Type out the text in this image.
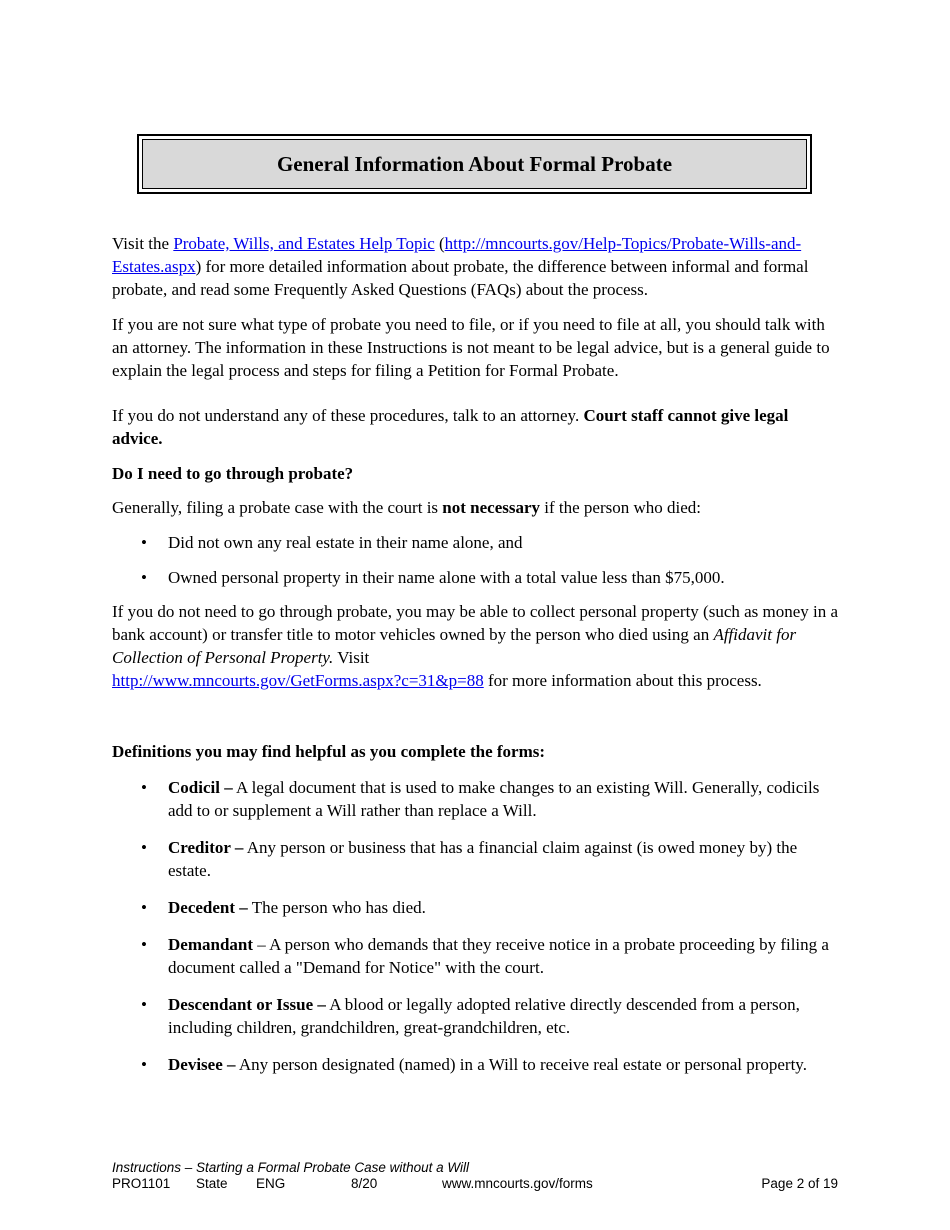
General Information About Formal Probate

Visit the Probate, Wills, and Estates Help Topic (http://mncourts.gov/Help-Topics/Probate-Wills-and-Estates.aspx) for more detailed information about probate, the difference between informal and formal probate, and read some Frequently Asked Questions (FAQs) about the process.

If you are not sure what type of probate you need to file, or if you need to file at all, you should talk with an attorney. The information in these Instructions is not meant to be legal advice, but is a general guide to explain the legal process and steps for filing a Petition for Formal Probate.

If you do not understand any of these procedures, talk to an attorney. Court staff cannot give legal advice.

Do I need to go through probate?

Generally, filing a probate case with the court is not necessary if the person who died:

• Did not own any real estate in their name alone, and
• Owned personal property in their name alone with a total value less than $75,000.

If you do not need to go through probate, you may be able to collect personal property (such as money in a bank account) or transfer title to motor vehicles owned by the person who died using an Affidavit for Collection of Personal Property. Visit
http://www.mncourts.gov/GetForms.aspx?c=31&p=88 for more information about this process.

Definitions you may find helpful as you complete the forms:

• Codicil – A legal document that is used to make changes to an existing Will. Generally, codicils add to or supplement a Will rather than replace a Will.
• Creditor – Any person or business that has a financial claim against (is owed money by) the estate.
• Decedent – The person who has died.
• Demandant – A person who demands that they receive notice in a probate proceeding by filing a document called a "Demand for Notice" with the court.
• Descendant or Issue – A blood or legally adopted relative directly descended from a person, including children, grandchildren, great-grandchildren, etc.
• Devisee – Any person designated (named) in a Will to receive real estate or personal property.
Instructions – Starting a Formal Probate Case without a Will
PRO1101 State ENG	8/20	www.mncourts.gov/forms	Page 2 of 19
